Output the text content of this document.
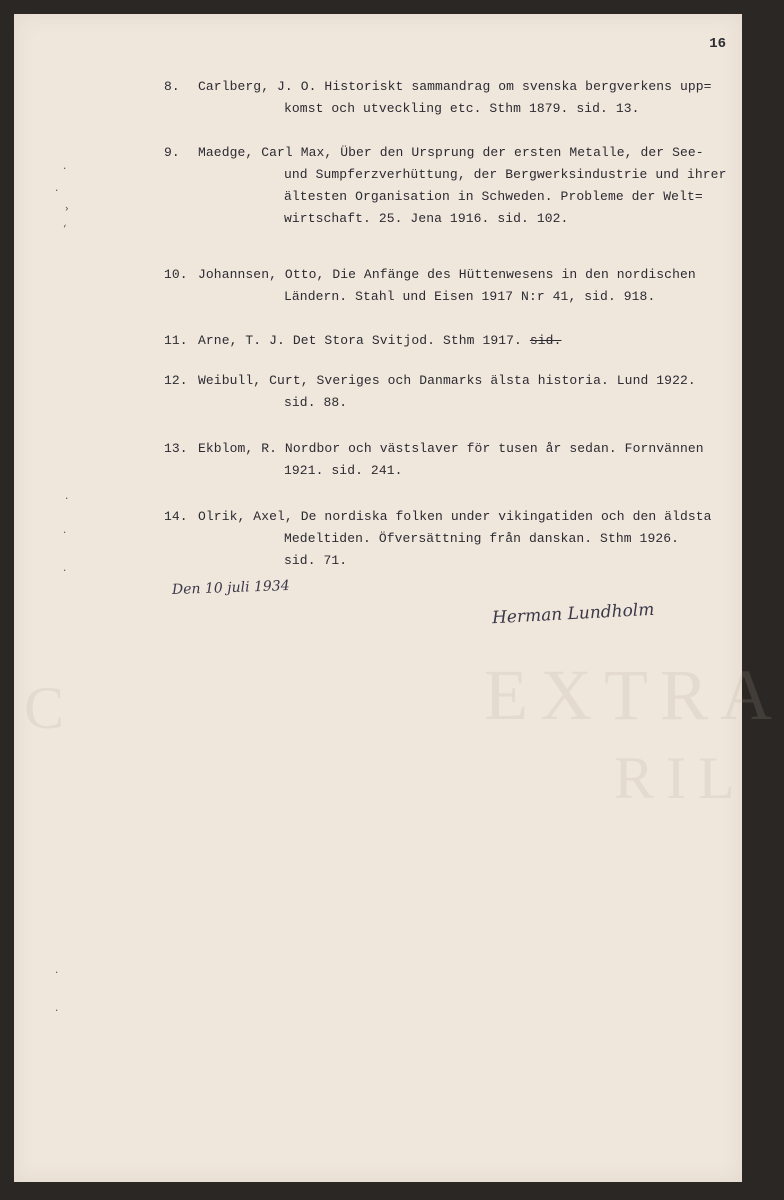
EXTRA
RIL
C
16
·
·
›
‘
·
·
·
·
·
8. Carlberg, J. O. Historiskt sammandrag om svenska bergverkens upp=
komst och utveckling etc. Sthm 1879. sid. 13.
9. Maedge, Carl Max, Über den Ursprung der ersten Metalle, der See-
und Sumpferzverhüttung, der Bergwerksindustrie und ihrer
ältesten Organisation in Schweden. Probleme der Welt=
wirtschaft. 25. Jena 1916. sid. 102.
10. Johannsen, Otto, Die Anfänge des Hüttenwesens in den nordischen
Ländern. Stahl und Eisen 1917 N:r 41, sid. 918.
11. Arne, T. J. Det Stora Svitjod. Sthm 1917. sid.
12. Weibull, Curt, Sveriges och Danmarks älsta historia. Lund 1922.
sid. 88.
13. Ekblom, R. Nordbor och västslaver för tusen år sedan. Fornvännen
1921. sid. 241.
14. Olrik, Axel, De nordiska folken under vikingatiden och den äldsta
Medeltiden. Öfversättning från danskan. Sthm 1926.
sid. 71.
Den 10 juli 1934
Herman Lundholm
